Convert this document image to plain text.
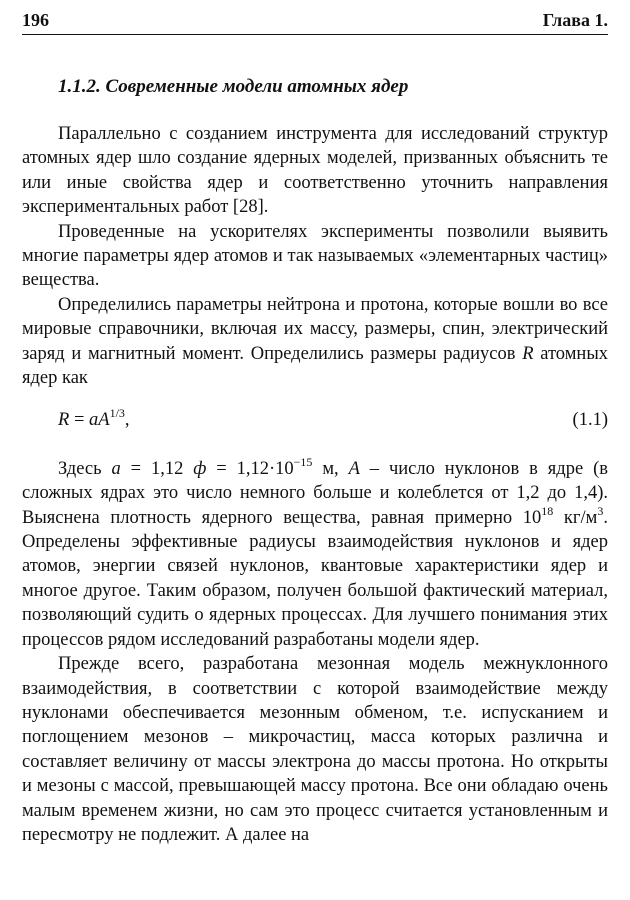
196	Глава 1.
1.1.2. Современные модели атомных ядер

Параллельно с созданием инструмента для исследований структур атомных ядер шло создание ядерных моделей, призванных объяснить те или иные свойства ядер и соответственно уточнить направления экспериментальных работ [28].

Проведенные на ускорителях эксперименты позволили выявить многие параметры ядер атомов и так называемых «элементарных частиц» вещества.

Определились параметры нейтрона и протона, которые вошли во все мировые справочники, включая их массу, размеры, спин, электрический заряд и магнитный момент. Определились размеры радиусов R атомных ядер как

$R = aA^{1/3}$,	(1.1)

Здесь a = 1,12 $ф = 1,12\cdot 10^{-15}$ м, A – число нуклонов в ядре (в сложных ядрах это число немного больше и колеблется от 1,2 до 1,4). Выяснена плотность ядерного вещества, равная примерно $10^{18}$ $кг/м^3$. Определены эффективные радиусы взаимодействия нуклонов и ядер атомов, энергии связей нуклонов, квантовые характеристики ядер и многое другое. Таким образом, получен большой фактический материал, позволяющий судить о ядерных процессах. Для лучшего понимания этих процессов рядом исследований разработаны модели ядер.

Прежде всего, разработана мезонная модель межнуклонного взаимодействия, в соответствии с которой взаимодействие между нуклонами обеспечивается мезонным обменом, т.е. испусканием и поглощением мезонов – микрочастиц, масса которых различна и составляет величину от массы электрона до массы протона. Но открыты и мезоны с массой, превышающей массу протона. Все они обладаю очень малым временем жизни, но сам это процесс считается установленным и пересмотру не подлежит. А далее на
